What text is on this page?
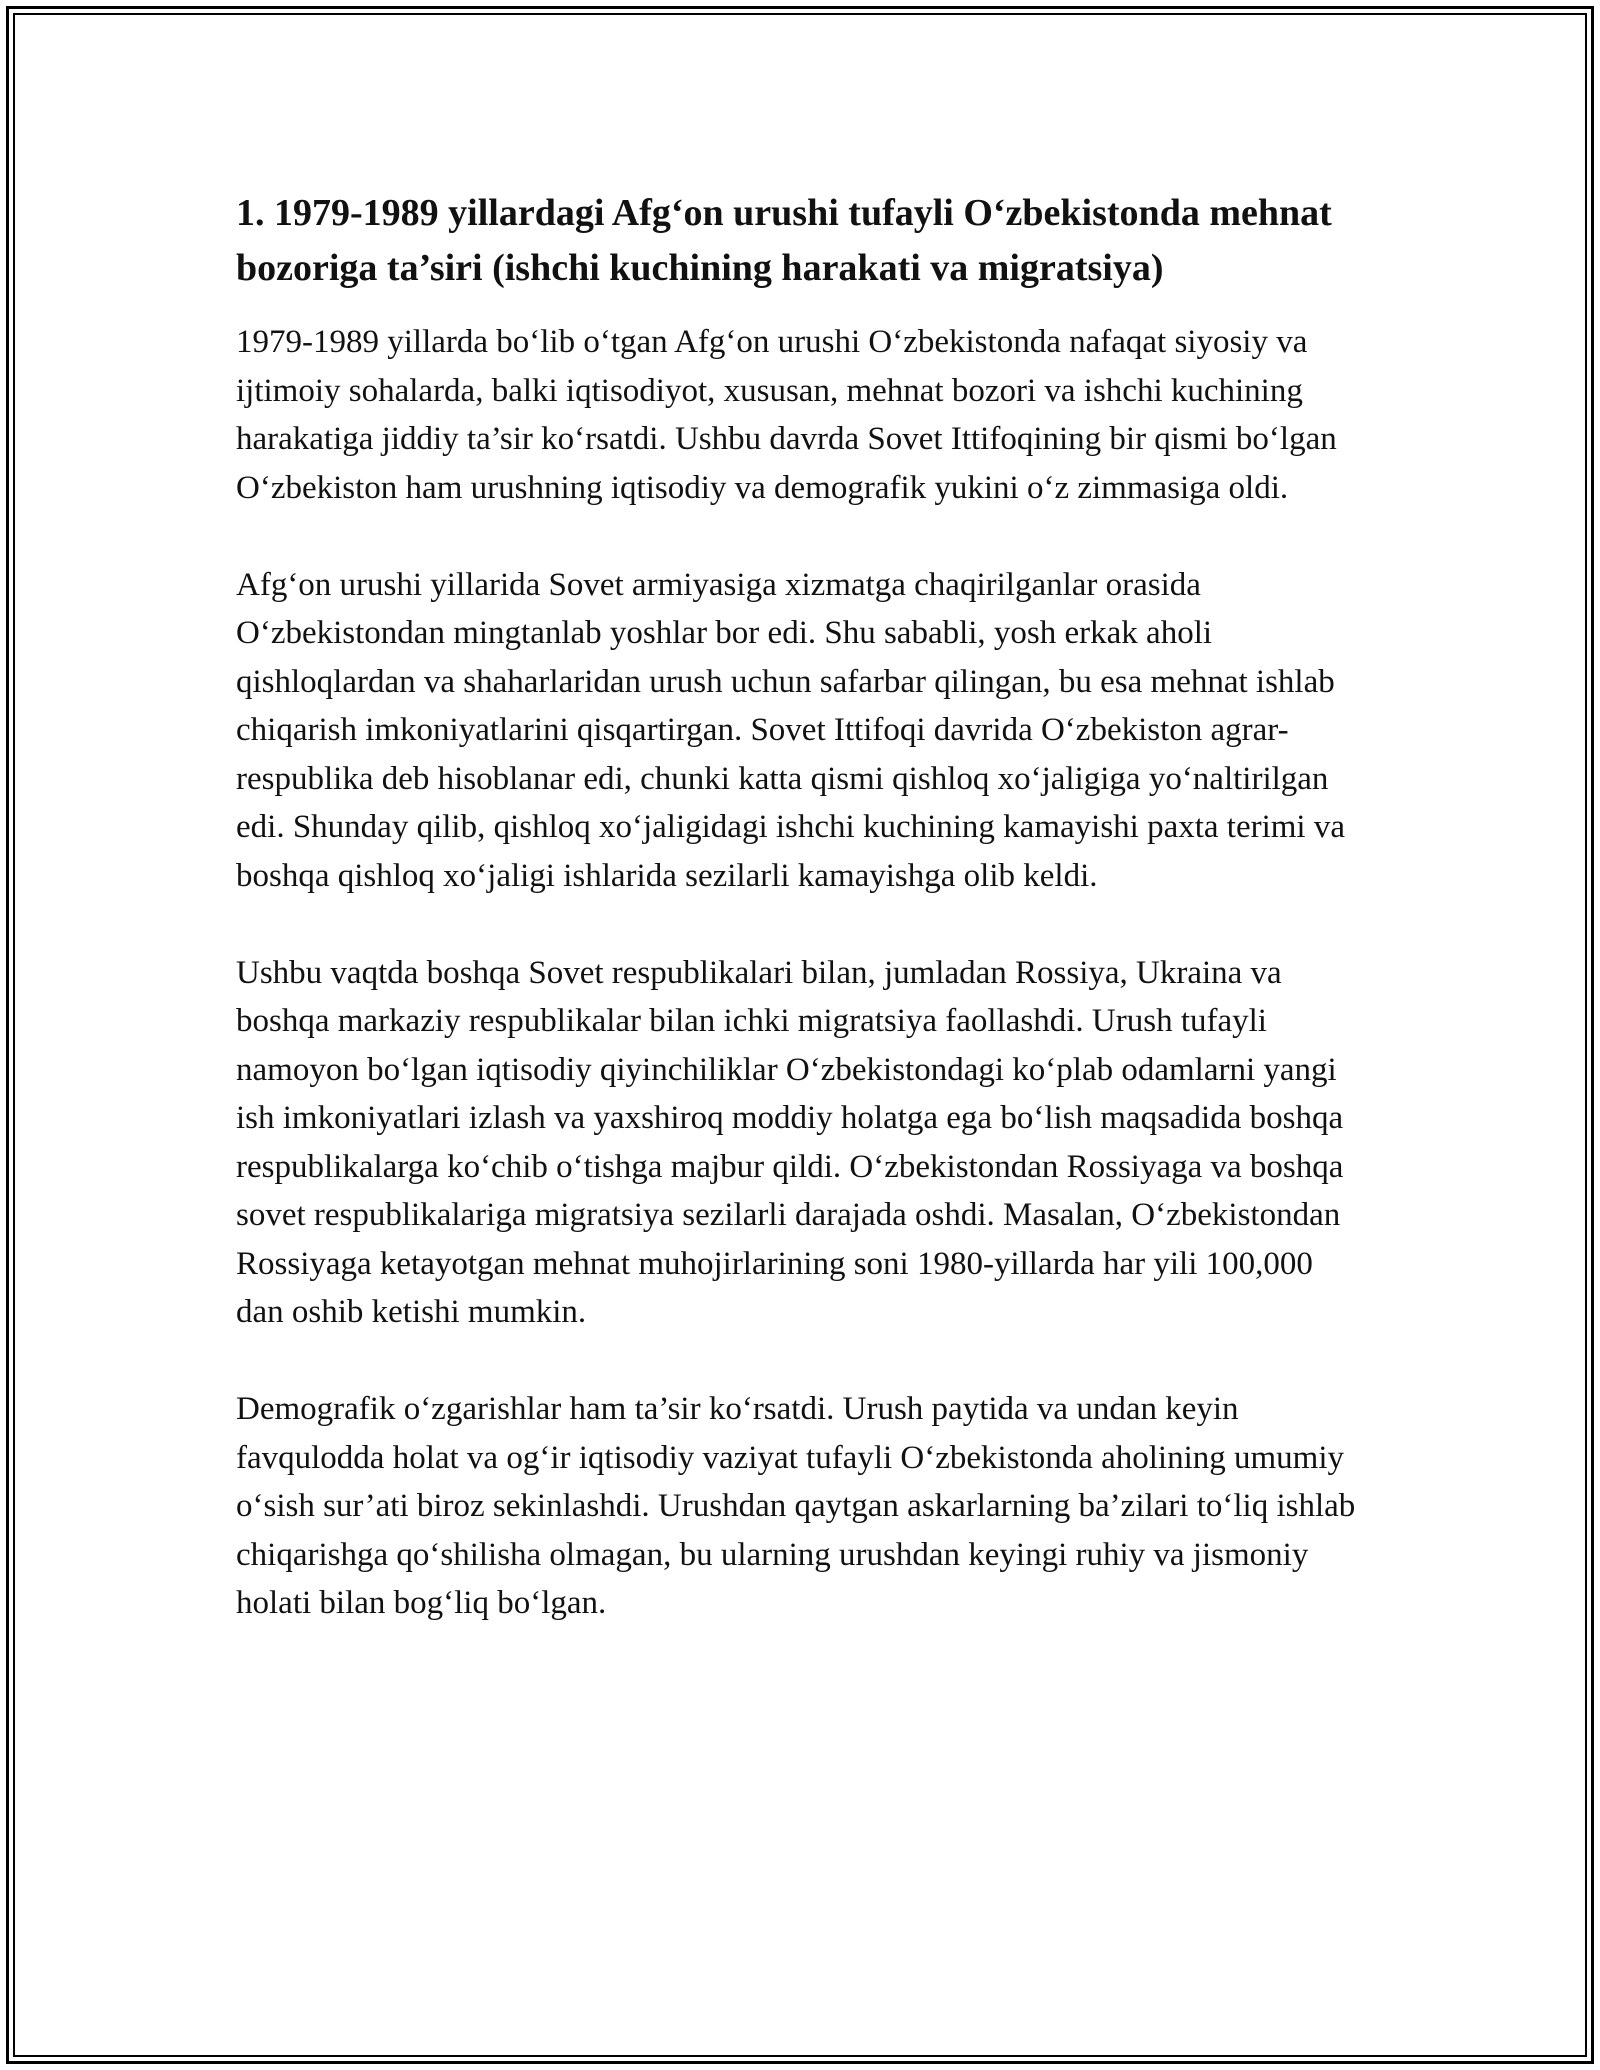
1. 1979-1989 yillardagi Afg‘on urushi tufayli O‘zbekistonda mehnat bozoriga ta’siri (ishchi kuchining harakati va migratsiya)

1979-1989 yillarda bo‘lib o‘tgan Afg‘on urushi O‘zbekistonda nafaqat siyosiy va ijtimoiy sohalarda, balki iqtisodiyot, xususan, mehnat bozori va ishchi kuchining harakatiga jiddiy ta’sir ko‘rsatdi. Ushbu davrda Sovet Ittifoqining bir qismi bo‘lgan O‘zbekiston ham urushning iqtisodiy va demografik yukini o‘z zimmasiga oldi.

Afg‘on urushi yillarida Sovet armiyasiga xizmatga chaqirilganlar orasida O‘zbekistondan mingtanlab yoshlar bor edi. Shu sababli, yosh erkak aholi qishloqlardan va shaharlaridan urush uchun safarbar qilingan, bu esa mehnat ishlab chiqarish imkoniyatlarini qisqartirgan. Sovet Ittifoqi davrida O‘zbekiston agrar-respublika deb hisoblanar edi, chunki katta qismi qishloq xo‘jaligiga yo‘naltirilgan edi. Shunday qilib, qishloq xo‘jaligidagi ishchi kuchining kamayishi paxta terimi va boshqa qishloq xo‘jaligi ishlarida sezilarli kamayishga olib keldi.

Ushbu vaqtda boshqa Sovet respublikalari bilan, jumladan Rossiya, Ukraina va boshqa markaziy respublikalar bilan ichki migratsiya faollashdi. Urush tufayli namoyon bo‘lgan iqtisodiy qiyinchiliklar O‘zbekistondagi ko‘plab odamlarni yangi ish imkoniyatlari izlash va yaxshiroq moddiy holatga ega bo‘lish maqsadida boshqa respublikalarga ko‘chib o‘tishga majbur qildi. O‘zbekistondan Rossiyaga va boshqa sovet respublikalariga migratsiya sezilarli darajada oshdi. Masalan, O‘zbekistondan Rossiyaga ketayotgan mehnat muhojirlarining soni 1980-yillarda har yili 100,000 dan oshib ketishi mumkin.

Demografik o‘zgarishlar ham ta’sir ko‘rsatdi. Urush paytida va undan keyin favqulodda holat va og‘ir iqtisodiy vaziyat tufayli O‘zbekistonda aholining umumiy o‘sish sur’ati biroz sekinlashdi. Urushdan qaytgan askarlarning ba’zilari to‘liq ishlab chiqarishga qo‘shilisha olmagan, bu ularning urushdan keyingi ruhiy va jismoniy holati bilan bog‘liq bo‘lgan.
